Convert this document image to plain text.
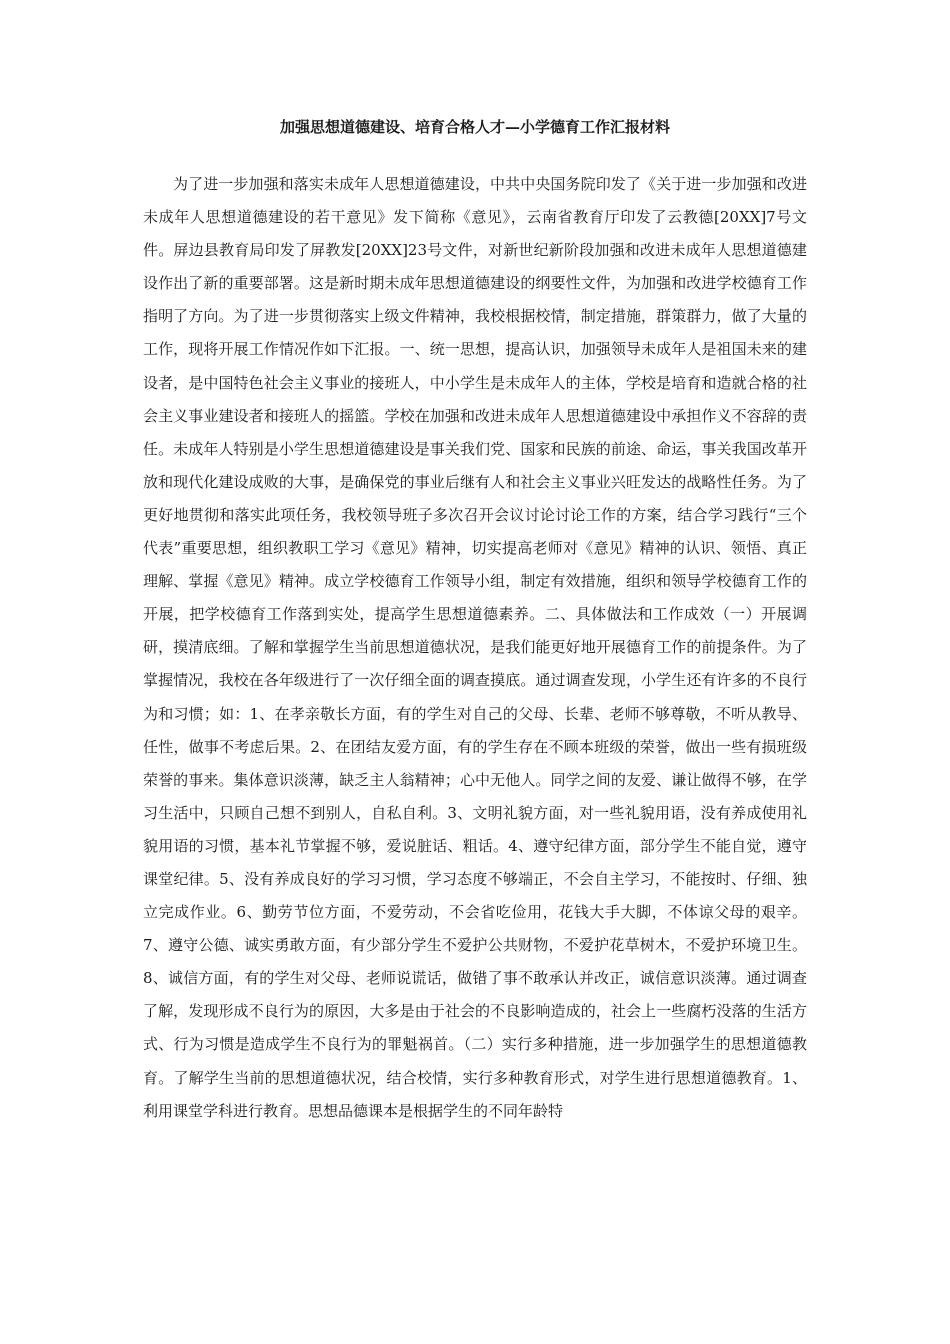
加强思想道德建设、培育合格人才—小学德育工作汇报材料

为了进一步加强和落实未成年人思想道德建设，中共中央国务院印发了《关于进一步加强和改进未成年人思想道德建设的若干意见》发下简称《意见》，云南省教育厅印发了云教德[20XX]7号文件。屏边县教育局印发了屏教发[20XX]23号文件，对新世纪新阶段加强和改进未成年人思想道德建设作出了新的重要部署。这是新时期未成年思想道德建设的纲要性文件，为加强和改进学校德育工作指明了方向。为了进一步贯彻落实上级文件精神，我校根据校情，制定措施，群策群力，做了大量的工作，现将开展工作情况作如下汇报。一、统一思想，提高认识，加强领导未成年人是祖国未来的建设者，是中国特色社会主义事业的接班人，中小学生是未成年人的主体，学校是培育和造就合格的社会主义事业建设者和接班人的摇篮。学校在加强和改进未成年人思想道德建设中承担作义不容辞的责任。未成年人特别是小学生思想道德建设是事关我们党、国家和民族的前途、命运，事关我国改革开放和现代化建设成败的大事，是确保党的事业后继有人和社会主义事业兴旺发达的战略性任务。为了更好地贯彻和落实此项任务，我校领导班子多次召开会议讨论讨论工作的方案，结合学习践行“三个代表”重要思想，组织教职工学习《意见》精神，切实提高老师对《意见》精神的认识、领悟、真正理解、掌握《意见》精神。成立学校德育工作领导小组，制定有效措施，组织和领导学校德育工作的开展，把学校德育工作落到实处，提高学生思想道德素养。二、具体做法和工作成效（一）开展调研，摸清底细。了解和掌握学生当前思想道德状况，是我们能更好地开展德育工作的前提条件。为了掌握情况，我校在各年级进行了一次仔细全面的调查摸底。通过调查发现，小学生还有许多的不良行为和习惯；如：1、在孝亲敬长方面，有的学生对自己的父母、长辈、老师不够尊敬，不听从教导、任性，做事不考虑后果。2、在团结友爱方面，有的学生存在不顾本班级的荣誉，做出一些有损班级荣誉的事来。集体意识淡薄，缺乏主人翁精神；心中无他人。同学之间的友爱、谦让做得不够，在学习生活中，只顾自己想不到别人，自私自利。3、文明礼貌方面，对一些礼貌用语，没有养成使用礼貌用语的习惯，基本礼节掌握不够，爱说脏话、粗话。4、遵守纪律方面，部分学生不能自觉，遵守课堂纪律。5、没有养成良好的学习习惯，学习态度不够端正，不会自主学习，不能按时、仔细、独立完成作业。6、勤劳节位方面，不爱劳动，不会省吃俭用，花钱大手大脚，不体谅父母的艰辛。7、遵守公德、诚实勇敢方面，有少部分学生不爱护公共财物，不爱护花草树木，不爱护环境卫生。8、诚信方面，有的学生对父母、老师说谎话，做错了事不敢承认并改正，诚信意识淡薄。通过调查了解，发现形成不良行为的原因，大多是由于社会的不良影响造成的，社会上一些腐朽没落的生活方式、行为习惯是造成学生不良行为的罪魁祸首。（二）实行多种措施，进一步加强学生的思想道德教育。了解学生当前的思想道德状况，结合校情，实行多种教育形式，对学生进行思想道德教育。1、利用课堂学科进行教育。思想品德课本是根据学生的不同年龄特
